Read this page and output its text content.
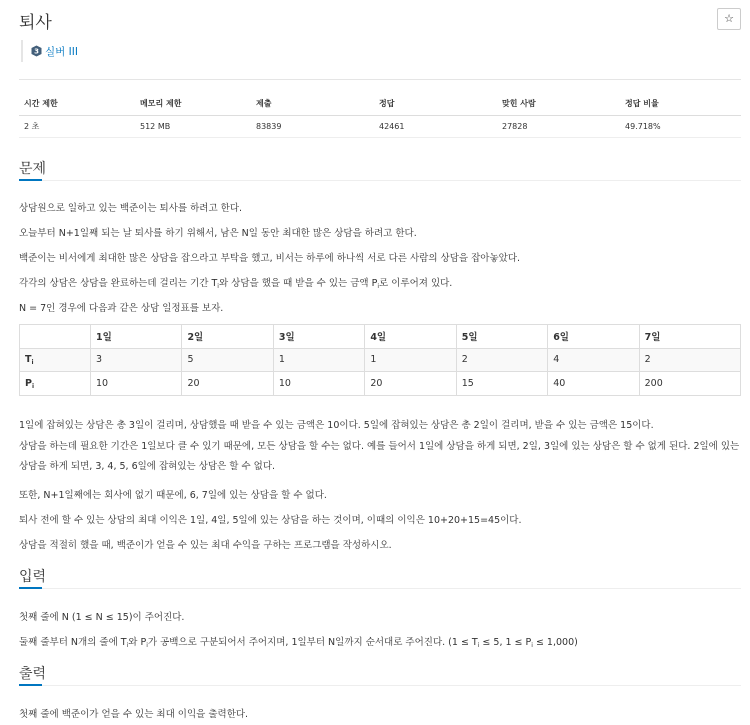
퇴사	☆
3 실버 III
시간 제한	메모리 제한	제출	정답	맞힌 사람	정답 비율
2 초	512 MB	83839	42461	27828	49.718%
문제
상담원으로 일하고 있는 백준이는 퇴사를 하려고 한다.
오늘부터 N+1일째 되는 날 퇴사를 하기 위해서, 남은 N일 동안 최대한 많은 상담을 하려고 한다.
백준이는 비서에게 최대한 많은 상담을 잡으라고 부탁을 했고, 비서는 하루에 하나씩 서로 다른 사람의 상담을 잡아놓았다.
각각의 상담은 상담을 완료하는데 걸리는 기간 $T_i$와 상담을 했을 때 받을 수 있는 금액 $P_i$로 이루어져 있다.
N = 7인 경우에 다음과 같은 상담 일정표를 보자.
	1일	2일	3일	4일	5일	6일	7일
$T_i$	3	5	1	1	2	4	2
$P_i$	10	20	10	20	15	40	200
1일에 잡혀있는 상담은 총 3일이 걸리며, 상담했을 때 받을 수 있는 금액은 10이다. 5일에 잡혀있는 상담은 총 2일이 걸리며, 받을 수 있는 금액은 15이다.
상담을 하는데 필요한 기간은 1일보다 클 수 있기 때문에, 모든 상담을 할 수는 없다. 예를 들어서 1일에 상담을 하게 되면, 2일, 3일에 있는 상담은 할 수 없게 된다. 2일에 있는 상담을 하게 되면, 3, 4, 5, 6일에 잡혀있는 상담은 할 수 없다.
또한, N+1일째에는 회사에 없기 때문에, 6, 7일에 있는 상담을 할 수 없다.
퇴사 전에 할 수 있는 상담의 최대 이익은 1일, 4일, 5일에 있는 상담을 하는 것이며, 이때의 이익은 10+20+15=45이다.
상담을 적절히 했을 때, 백준이가 얻을 수 있는 최대 수익을 구하는 프로그램을 작성하시오.
입력
첫째 줄에 N (1 ≤ N ≤ 15)이 주어진다.
둘째 줄부터 N개의 줄에 $T_i$와 $P_i$가 공백으로 구분되어서 주어지며, 1일부터 N일까지 순서대로 주어진다. ($1 \le T_i \le 5$, $1 \le P_i \le 1,000$)
출력
첫째 줄에 백준이가 얻을 수 있는 최대 이익을 출력한다.
